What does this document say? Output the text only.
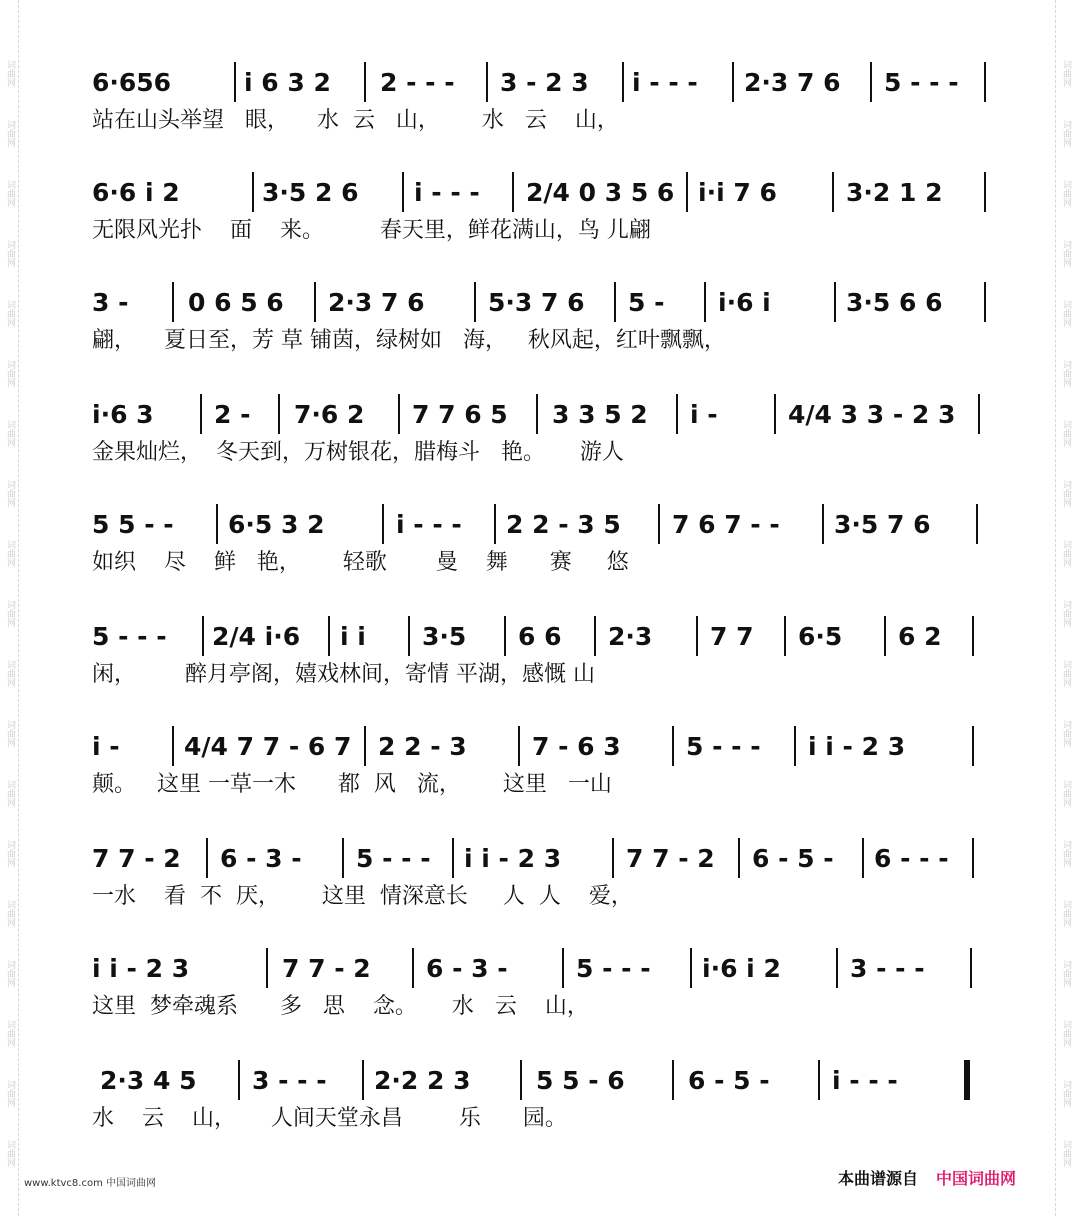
词曲网
词曲网
词曲网
词曲网
词曲网
词曲网
词曲网
词曲网
词曲网
词曲网
词曲网
词曲网
词曲网
词曲网
词曲网
词曲网
词曲网
词曲网
词曲网
词曲网
词曲网
词曲网
词曲网
词曲网
词曲网
词曲网
词曲网
词曲网
词曲网
词曲网
词曲网
词曲网
词曲网
词曲网
词曲网
词曲网
词曲网
词曲网
6·656	i 6 3 2 2 - - - 3 - 2 3 i - - - 2·3 7 6 5 - - -
站在山头举望   眼，    水  云   山，      水   云    山，
6·6 i 2	3·5 2 6 i - - - 2/4 0 3 5 6 i·i 7 6	3·2 1 2
无限风光扑    面    来。        春天里，鲜花满山，鸟 儿翩
3 - 0 6 5 6 2·3 7 6	5·3 7 6 5 - i·6 i	3·5 6 6
翩，    夏日至，芳 草 铺茵，绿树如   海，   秋风起，红叶飘飘，
i·6 3 2 - 7·6 2 7 7 6 5 3 3 5 2 i -	4/4 3 3 - 2 3
金果灿烂，  冬天到，万树银花，腊梅斗   艳。     游人
5 5 - - 6·5 3 2	i - - - 2 2 - 3 5 7 6 7 - - 3·5 7 6
如织    尽    鲜   艳，      轻歌       曼    舞      赛     悠
5 - - - 2/4 i·6 i i 3·5 6 6 2·3 7 7 6·5 6 2
闲，       醉月亭阁，嬉戏林间，寄情 平湖，感慨 山
i -	4/4 7 7 - 6 7 2 2 - 3	7 - 6 3	5 - - - i i - 2 3
颠。   这里 一草一木      都  风   流，      这里   一山
7 7 - 2 6 - 3 - 5 - - - i i - 2 3	7 7 - 2 6 - 5 - 6 - - -
一水    看  不  厌，      这里  情深意长     人  人    爱，
i i - 2 3	7 7 - 2 6 - 3 -	5 - - - i·6 i 2	3 - - -
这里  梦牵魂系      多   思    念。     水   云    山，
2·3 4 5 3 - - - 2·2 2 3	5 5 - 6	6 - 5 - i - - -
水    云    山，     人间天堂永昌        乐      园。
www.ktvc8.com 中国词曲网	本曲谱源自 中国词曲网
